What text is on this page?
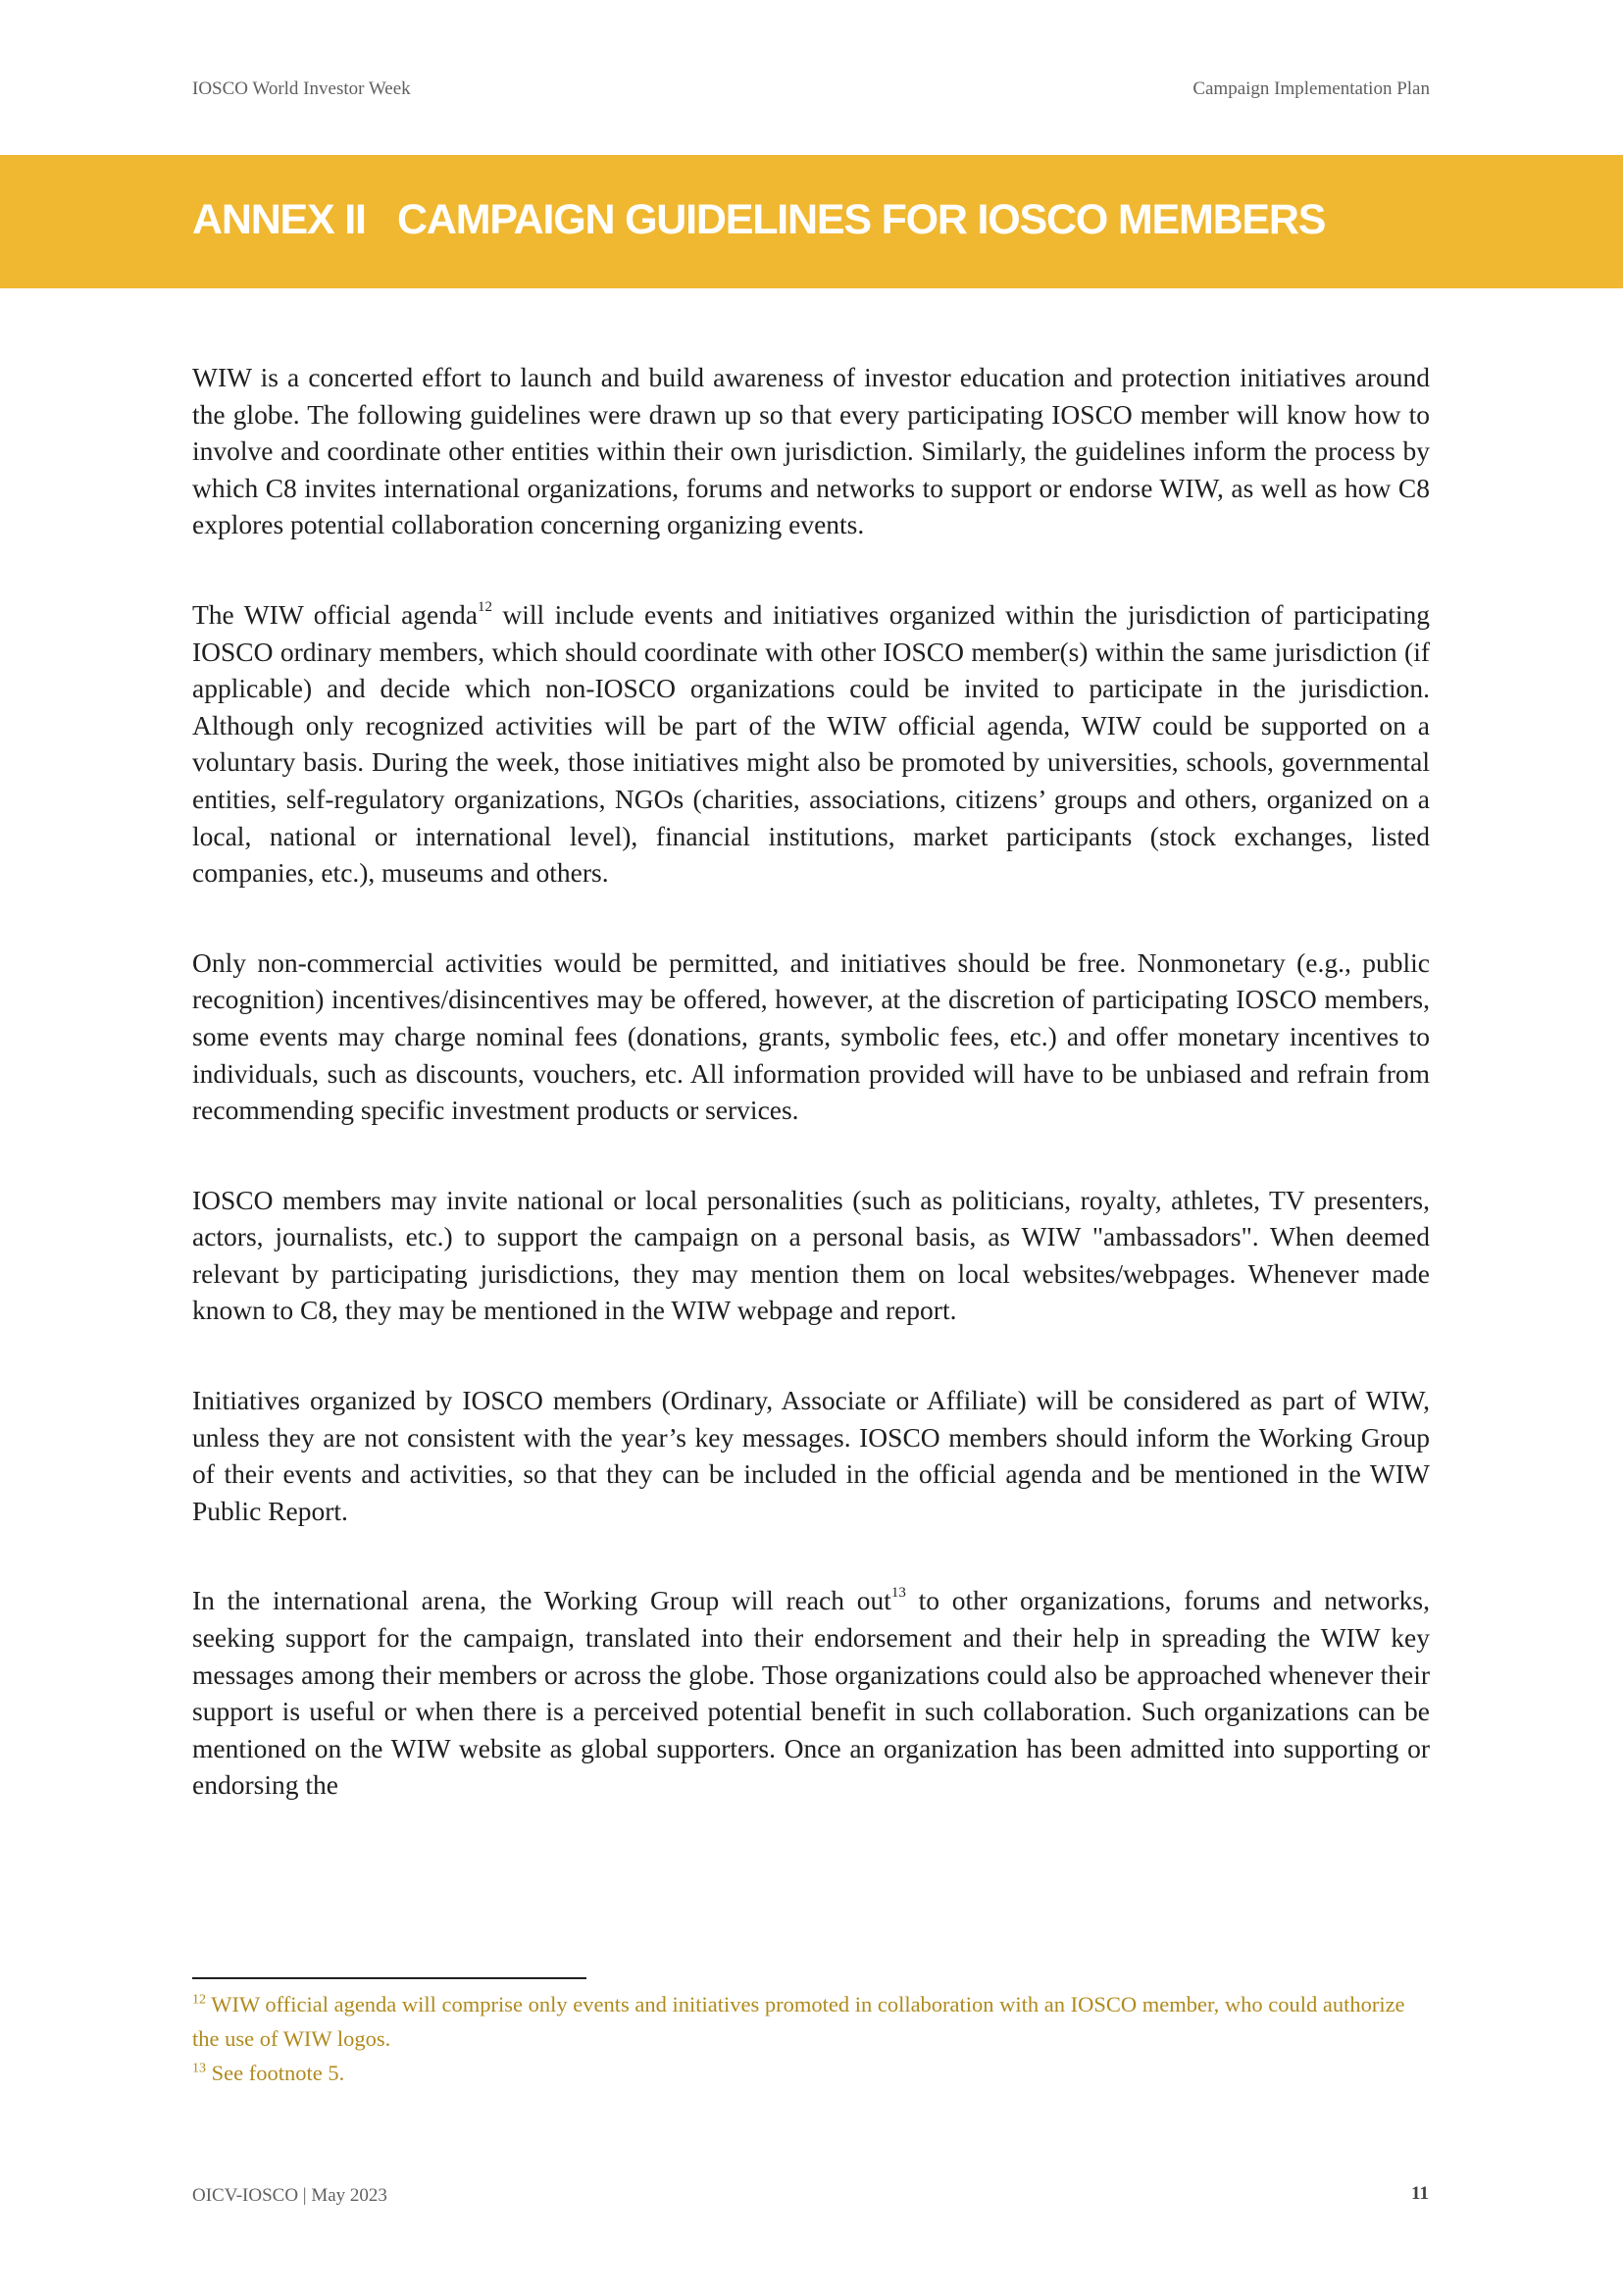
IOSCO World Investor Week	Campaign Implementation Plan
ANNEX II   CAMPAIGN GUIDELINES FOR IOSCO MEMBERS

WIW is a concerted effort to launch and build awareness of investor education and protection initiatives around the globe. The following guidelines were drawn up so that every participating IOSCO member will know how to involve and coordinate other entities within their own jurisdiction. Similarly, the guidelines inform the process by which C8 invites international organizations, forums and networks to support or endorse WIW, as well as how C8 explores potential collaboration concerning organizing events.

The WIW official agenda$^{12}$ will include events and initiatives organized within the jurisdiction of participating IOSCO ordinary members, which should coordinate with other IOSCO member(s) within the same jurisdiction (if applicable) and decide which non-IOSCO organizations could be invited to participate in the jurisdiction. Although only recognized activities will be part of the WIW official agenda, WIW could be supported on a voluntary basis. During the week, those initiatives might also be promoted by universities, schools, governmental entities, self-regulatory organizations, NGOs (charities, associations, citizens’ groups and others, organized on a local, national or international level), financial institutions, market participants (stock exchanges, listed companies, etc.), museums and others.

Only non-commercial activities would be permitted, and initiatives should be free. Nonmonetary (e.g., public recognition) incentives/disincentives may be offered, however, at the discretion of participating IOSCO members, some events may charge nominal fees (donations, grants, symbolic fees, etc.) and offer monetary incentives to individuals, such as discounts, vouchers, etc. All information provided will have to be unbiased and refrain from recommending specific investment products or services.

IOSCO members may invite national or local personalities (such as politicians, royalty, athletes, TV presenters, actors, journalists, etc.) to support the campaign on a personal basis, as WIW "ambassadors". When deemed relevant by participating jurisdictions, they may mention them on local websites/webpages. Whenever made known to C8, they may be mentioned in the WIW webpage and report.

Initiatives organized by IOSCO members (Ordinary, Associate or Affiliate) will be considered as part of WIW, unless they are not consistent with the year’s key messages. IOSCO members should inform the Working Group of their events and activities, so that they can be included in the official agenda and be mentioned in the WIW Public Report.

In the international arena, the Working Group will reach out$^{13}$ to other organizations, forums and networks, seeking support for the campaign, translated into their endorsement and their help in spreading the WIW key messages among their members or across the globe. Those organizations could also be approached whenever their support is useful or when there is a perceived potential benefit in such collaboration. Such organizations can be mentioned on the WIW website as global supporters. Once an organization has been admitted into supporting or endorsing the

$^{12}$ WIW official agenda will comprise only events and initiatives promoted in collaboration with an IOSCO member, who could authorize the use of WIW logos.

$^{13}$ See footnote 5.

OICV-IOSCO | May 2023	11
